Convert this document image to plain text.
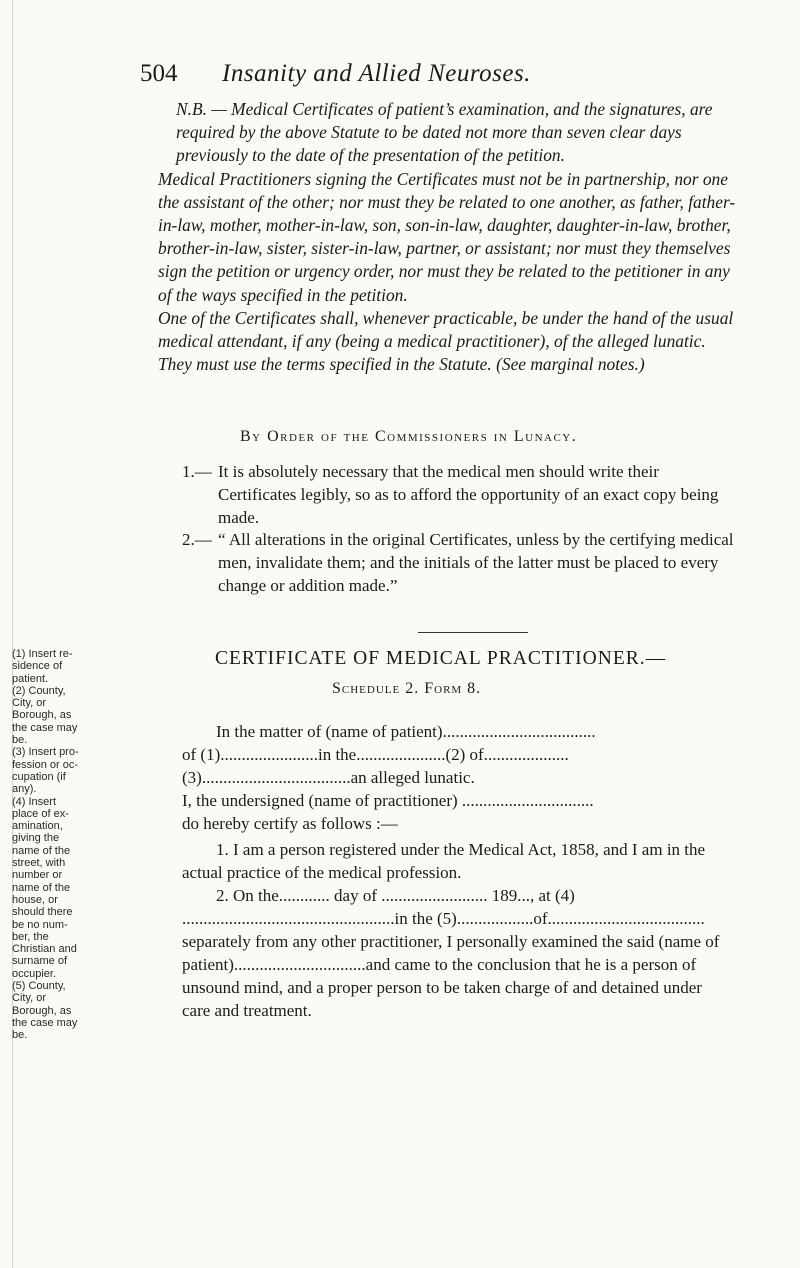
504 Insanity and Allied Neuroses.

N.B. — Medical Certificates of patient’s examination, and the signatures, are required by the above Statute to be dated not more than seven clear days previously to the date of the presentation of the petition.

Medical Practitioners signing the Certificates must not be in partnership, nor one the assistant of the other; nor must they be related to one another, as father, father-in-law, mother, mother-in-law, son, son-in-law, daughter, daughter-in-law, brother, brother-in-law, sister, sister-in-law, partner, or assistant; nor must they themselves sign the petition or urgency order, nor must they be related to the petitioner in any of the ways specified in the petition.

One of the Certificates shall, whenever practicable, be under the hand of the usual medical attendant, if any (being a medical practitioner), of the alleged lunatic. They must use the terms specified in the Statute. (See marginal notes.)

By Order of the Commissioners in Lunacy.
1.— It is absolutely necessary that the medical men should write their Certificates legibly, so as to afford the opportunity of an exact copy being made.
2.— “ All alterations in the original Certificates, unless by the certifying medical men, invalidate them; and the initials of the latter must be placed to every change or addition made.”
CERTIFICATE OF MEDICAL PRACTITIONER.—
Schedule 2. Form 8.
In the matter of (name of patient)....................................
of (1).......................in the.....................(2) of....................
(3)...................................an alleged lunatic.
I, the undersigned (name of practitioner) ...............................
do hereby certify as follows :—

1. I am a person registered under the Medical Act, 1858, and I am in the actual practice of the medical profession.

2. On the............ day of ......................... 189..., at (4) ..................................................in the (5)..................of..................................... separately from any other practitioner, I personally examined the said (name of patient)...............................and came to the conclusion that he is a person of unsound mind, and a proper person to be taken charge of and detained under care and treatment.

(1) Insert re-
sidence of
patient.
(2) County,
City, or
Borough, as
the case may
be.
(3) Insert pro-
fession or oc-
cupation (if
any).
(4) Insert
place of ex-
amination,
giving the
name of the
street, with
number or
name of the
house, or
should there
be no num-
ber, the
Christian and
surname of
occupier.
(5) County,
City, or
Borough, as
the case may
be.
